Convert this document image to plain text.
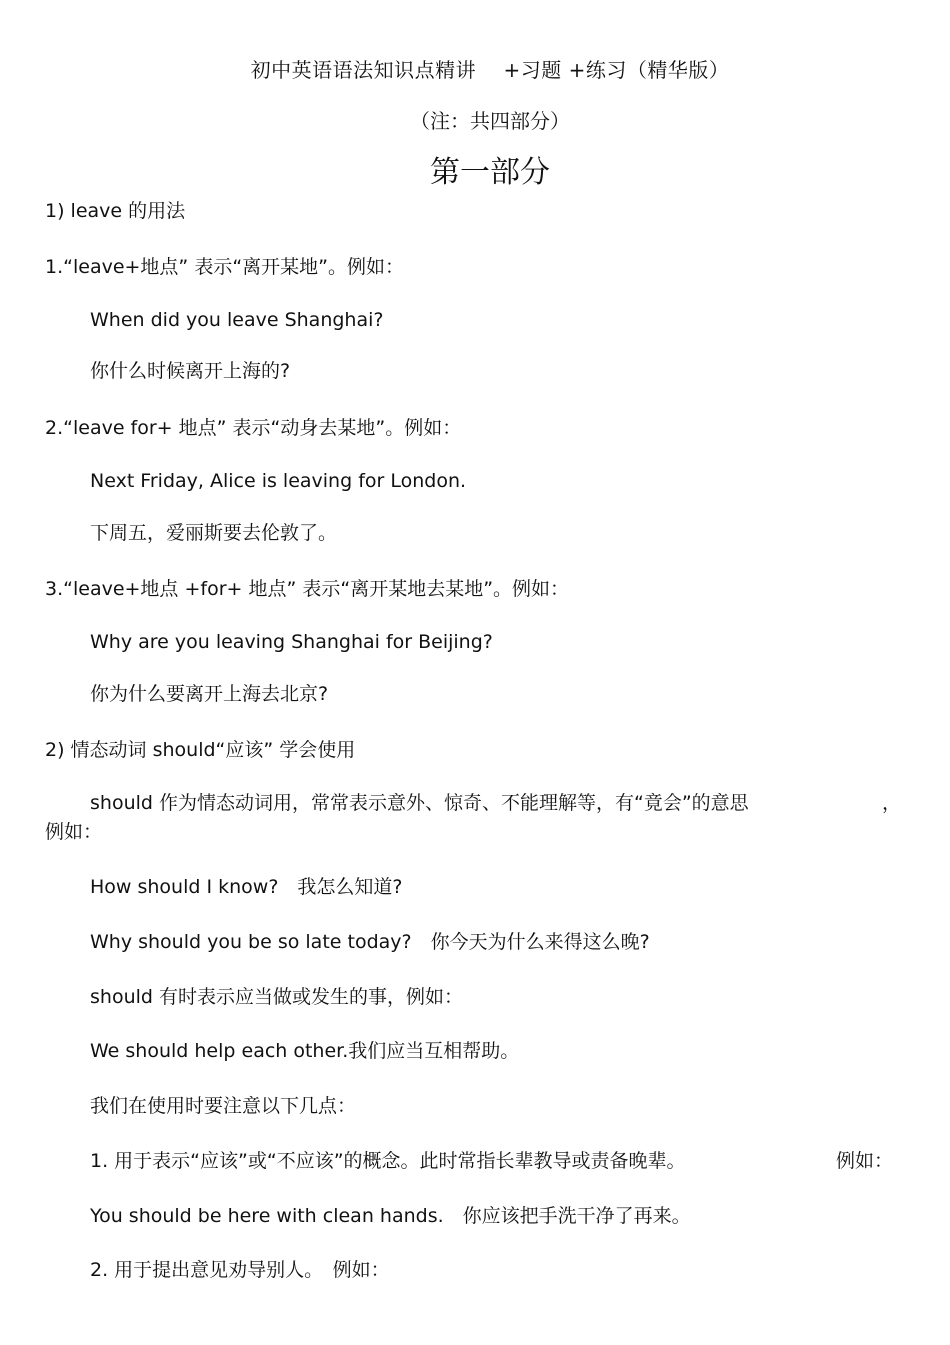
初中英语语法知识点精讲　 +习题 +练习（精华版）
（注：共四部分）
第一部分
1) leave 的用法
1.“leave+地点” 表示“离开某地”。例如：
When did you leave Shanghai?
你什么时候离开上海的?
2.“leave for+ 地点” 表示“动身去某地”。例如：
Next Friday, Alice is leaving for London.
下周五，爱丽斯要去伦敦了。
3.“leave+地点 +for+ 地点” 表示“离开某地去某地”。例如：
Why are you leaving Shanghai for Beijing?
你为什么要离开上海去北京?
2) 情态动词 should“应该” 学会使用
should 作为情态动词用，常常表示意外、惊奇、不能理解等，有“竟会”的意思	，
例如：
How should I know?　我怎么知道?
Why should you be so late today?　你今天为什么来得这么晚?
should 有时表示应当做或发生的事，例如：
We should help each other.我们应当互相帮助。
我们在使用时要注意以下几点：
1. 用于表示“应该”或“不应该”的概念。此时常指长辈教导或责备晚辈。	例如：
You should be here with clean hands.　你应该把手洗干净了再来。
2. 用于提出意见劝导别人。　例如：
